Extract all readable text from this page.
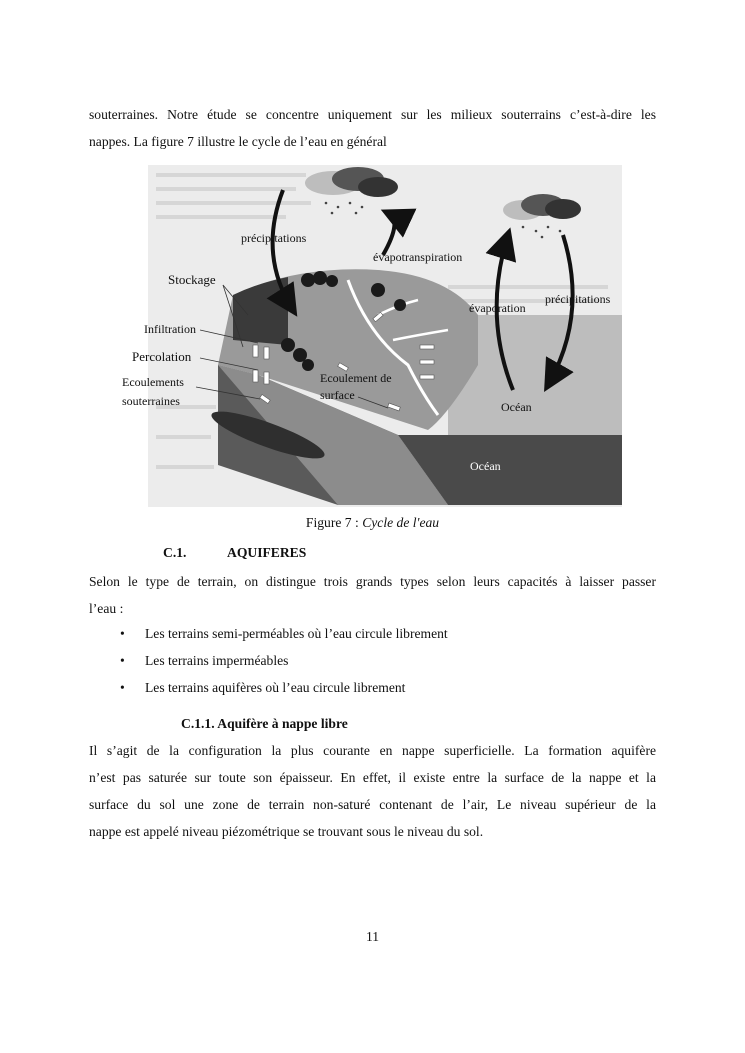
souterraines. Notre étude se concentre uniquement sur les milieux souterrains c’est-à-dire les
nappes. La figure 7 illustre le cycle de l’eau en général
précipitations
évapotranspiration
Stockage
Infiltration
Percolation
Ecoulements
souterraines
Ecoulement de
surface
évaporation
précipitations
Océan
Océan
Figure 7 : Cycle de l'eau
C.1.	AQUIFERES
Selon le type de terrain, on distingue trois grands types selon leurs capacités à laisser passer
l’eau :
• Les terrains semi-perméables où l’eau circule librement
• Les terrains imperméables
• Les terrains aquifères où l’eau circule librement
C.1.1. Aquifère à nappe libre
Il s’agit de la configuration la plus courante en nappe superficielle. La formation aquifère
n’est pas saturée sur toute son épaisseur. En effet, il existe entre la surface de la nappe et la
surface du sol une zone de terrain non-saturé contenant de l’air, Le niveau supérieur de la
nappe est appelé niveau piézométrique se trouvant sous le niveau du sol.
11
